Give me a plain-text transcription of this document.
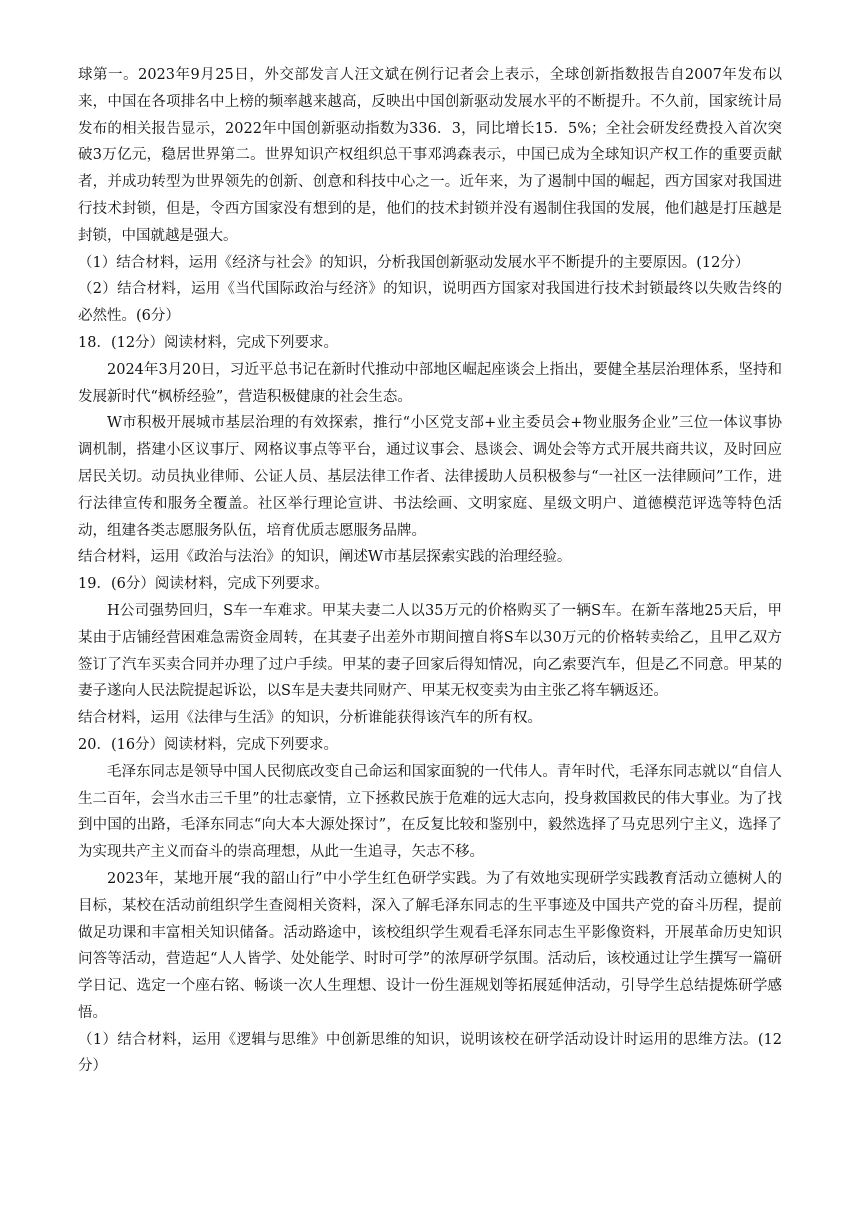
球第一。2023年9月25日，外交部发言人汪文斌在例行记者会上表示，全球创新指数报告自2007年发布以来，中国在各项排名中上榜的频率越来越高，反映出中国创新驱动发展水平的不断提升。不久前，国家统计局发布的相关报告显示，2022年中国创新驱动指数为336．3，同比增长15．5%；全社会研发经费投入首次突破3万亿元，稳居世界第二。世界知识产权组织总干事邓鸿森表示，中国已成为全球知识产权工作的重要贡献者，并成功转型为世界领先的创新、创意和科技中心之一。近年来，为了遏制中国的崛起，西方国家对我国进行技术封锁，但是，令西方国家没有想到的是，他们的技术封锁并没有遏制住我国的发展，他们越是打压越是封锁，中国就越是强大。

（1）结合材料，运用《经济与社会》的知识，分析我国创新驱动发展水平不断提升的主要原因。(12分）

（2）结合材料，运用《当代国际政治与经济》的知识，说明西方国家对我国进行技术封锁最终以失败告终的必然性。(6分）

18．(12分）阅读材料，完成下列要求。

2024年3月20日，习近平总书记在新时代推动中部地区崛起座谈会上指出，要健全基层治理体系，坚持和发展新时代“枫桥经验”，营造积极健康的社会生态。

W市积极开展城市基层治理的有效探索，推行“小区党支部+业主委员会+物业服务企业”三位一体议事协调机制，搭建小区议事厅、网格议事点等平台，通过议事会、恳谈会、调处会等方式开展共商共议，及时回应居民关切。动员执业律师、公证人员、基层法律工作者、法律援助人员积极参与“一社区一法律顾问”工作，进行法律宣传和服务全覆盖。社区举行理论宣讲、书法绘画、文明家庭、星级文明户、道德模范评选等特色活动，组建各类志愿服务队伍，培育优质志愿服务品牌。

结合材料，运用《政治与法治》的知识，阐述W市基层探索实践的治理经验。

19．(6分）阅读材料，完成下列要求。

H公司强势回归，S车一车难求。甲某夫妻二人以35万元的价格购买了一辆S车。在新车落地25天后，甲某由于店铺经营困难急需资金周转，在其妻子出差外市期间擅自将S车以30万元的价格转卖给乙，且甲乙双方签订了汽车买卖合同并办理了过户手续。甲某的妻子回家后得知情况，向乙索要汽车，但是乙不同意。甲某的妻子遂向人民法院提起诉讼，以S车是夫妻共同财产、甲某无权变卖为由主张乙将车辆返还。

结合材料，运用《法律与生活》的知识，分析谁能获得该汽车的所有权。

20．(16分）阅读材料，完成下列要求。

毛泽东同志是领导中国人民彻底改变自己命运和国家面貌的一代伟人。青年时代，毛泽东同志就以“自信人生二百年，会当水击三千里”的壮志豪情，立下拯救民族于危难的远大志向，投身救国救民的伟大事业。为了找到中国的出路，毛泽东同志“向大本大源处探讨”，在反复比较和鉴别中，毅然选择了马克思列宁主义，选择了为实现共产主义而奋斗的崇高理想，从此一生追寻，矢志不移。

2023年，某地开展“我的韶山行”中小学生红色研学实践。为了有效地实现研学实践教育活动立德树人的目标，某校在活动前组织学生查阅相关资料，深入了解毛泽东同志的生平事迹及中国共产党的奋斗历程，提前做足功课和丰富相关知识储备。活动路途中，该校组织学生观看毛泽东同志生平影像资料，开展革命历史知识问答等活动，营造起“人人皆学、处处能学、时时可学”的浓厚研学氛围。活动后，该校通过让学生撰写一篇研学日记、选定一个座右铭、畅谈一次人生理想、设计一份生涯规划等拓展延伸活动，引导学生总结提炼研学感悟。

（1）结合材料，运用《逻辑与思维》中创新思维的知识，说明该校在研学活动设计时运用的思维方法。(12分）
